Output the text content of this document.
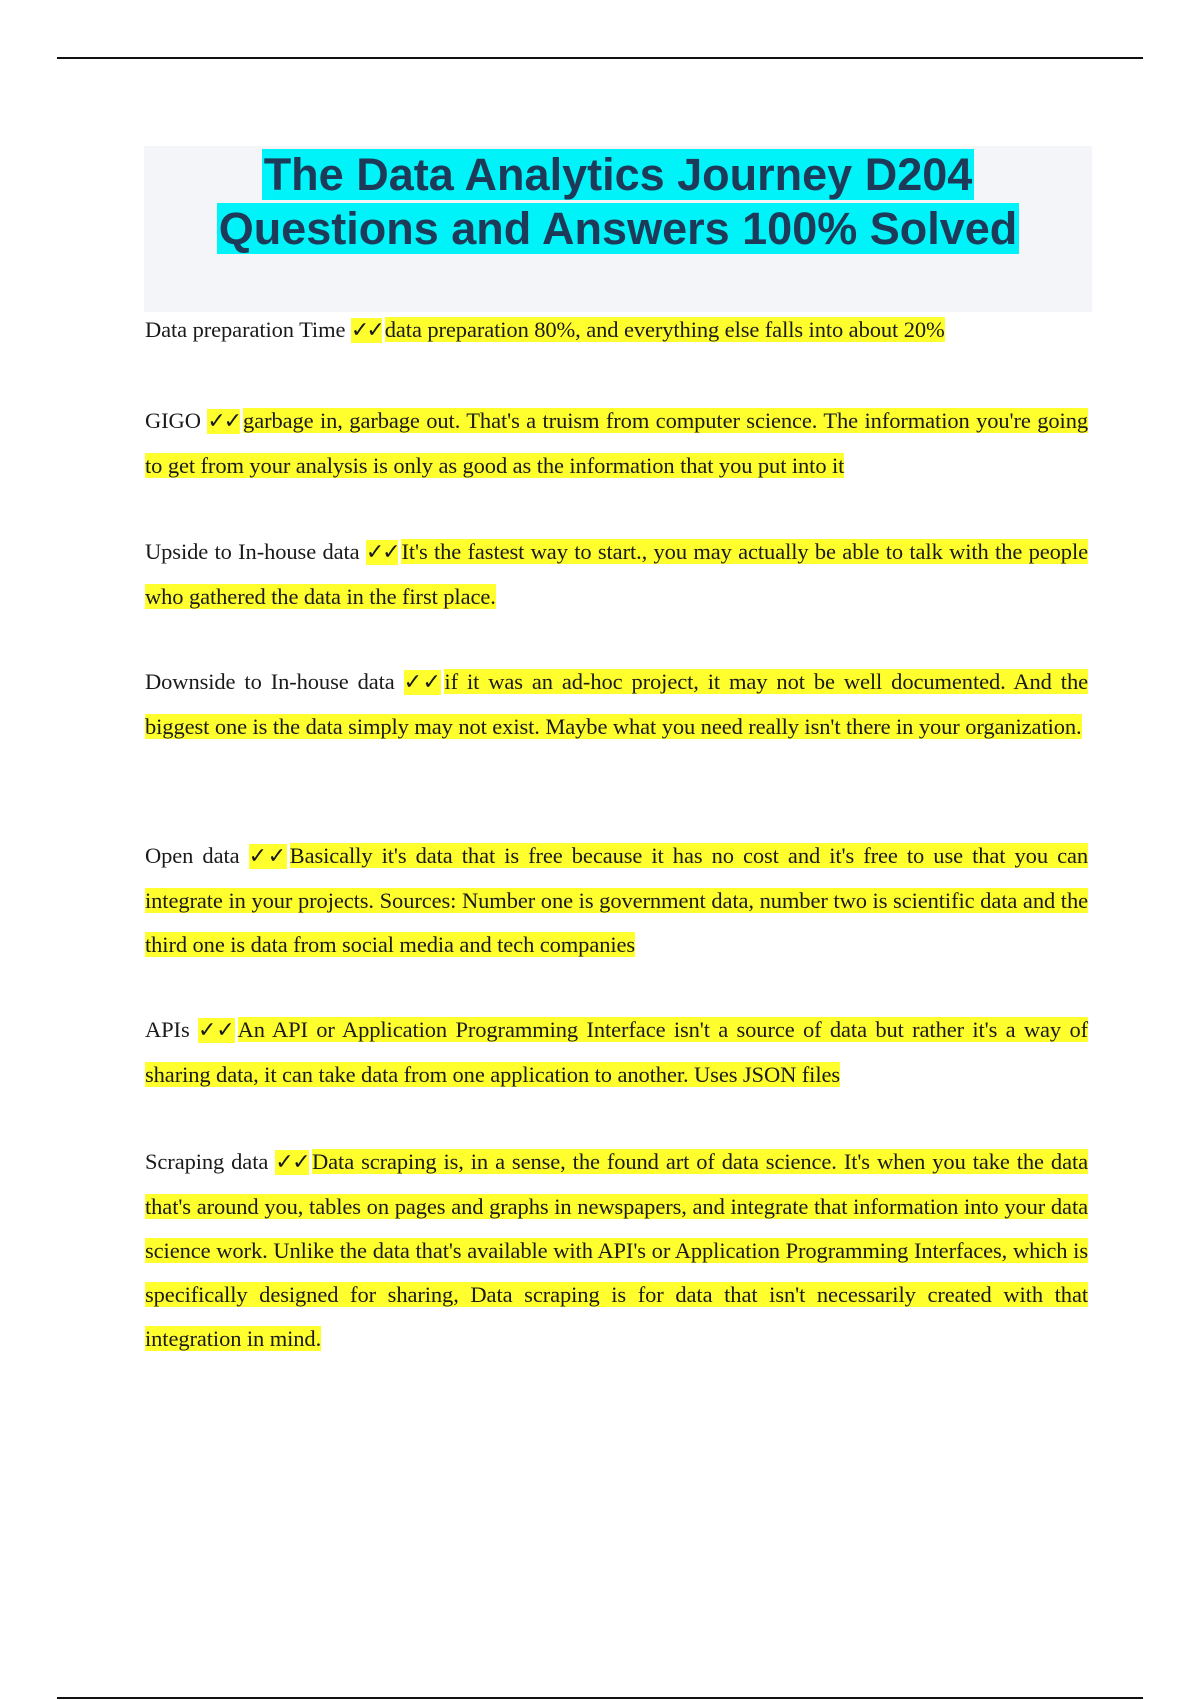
The Data Analytics Journey D204
Questions and Answers 100% Solved
Data preparation Time ✓✓ data preparation 80%, and everything else falls into about 20%
GIGO ✓✓ garbage in, garbage out. That's a truism from computer science. The information you're going to get from your analysis is only as good as the information that you put into it
Upside to In-house data ✓✓ It's the fastest way to start., you may actually be able to talk with the people who gathered the data in the first place.
Downside to In-house data ✓✓ if it was an ad-hoc project, it may not be well documented. And the biggest one is the data simply may not exist. Maybe what you need really isn't there in your organization.
Open data ✓✓ Basically it's data that is free because it has no cost and it's free to use that you can integrate in your projects. Sources: Number one is government data, number two is scientific data and the third one is data from social media and tech companies
APIs ✓✓ An API or Application Programming Interface isn't a source of data but rather it's a way of sharing data, it can take data from one application to another. Uses JSON files
Scraping data ✓✓ Data scraping is, in a sense, the found art of data science. It's when you take the data that's around you, tables on pages and graphs in newspapers, and integrate that information into your data science work. Unlike the data that's available with API's or Application Programming Interfaces, which is specifically designed for sharing, Data scraping is for data that isn't necessarily created with that integration in mind.
